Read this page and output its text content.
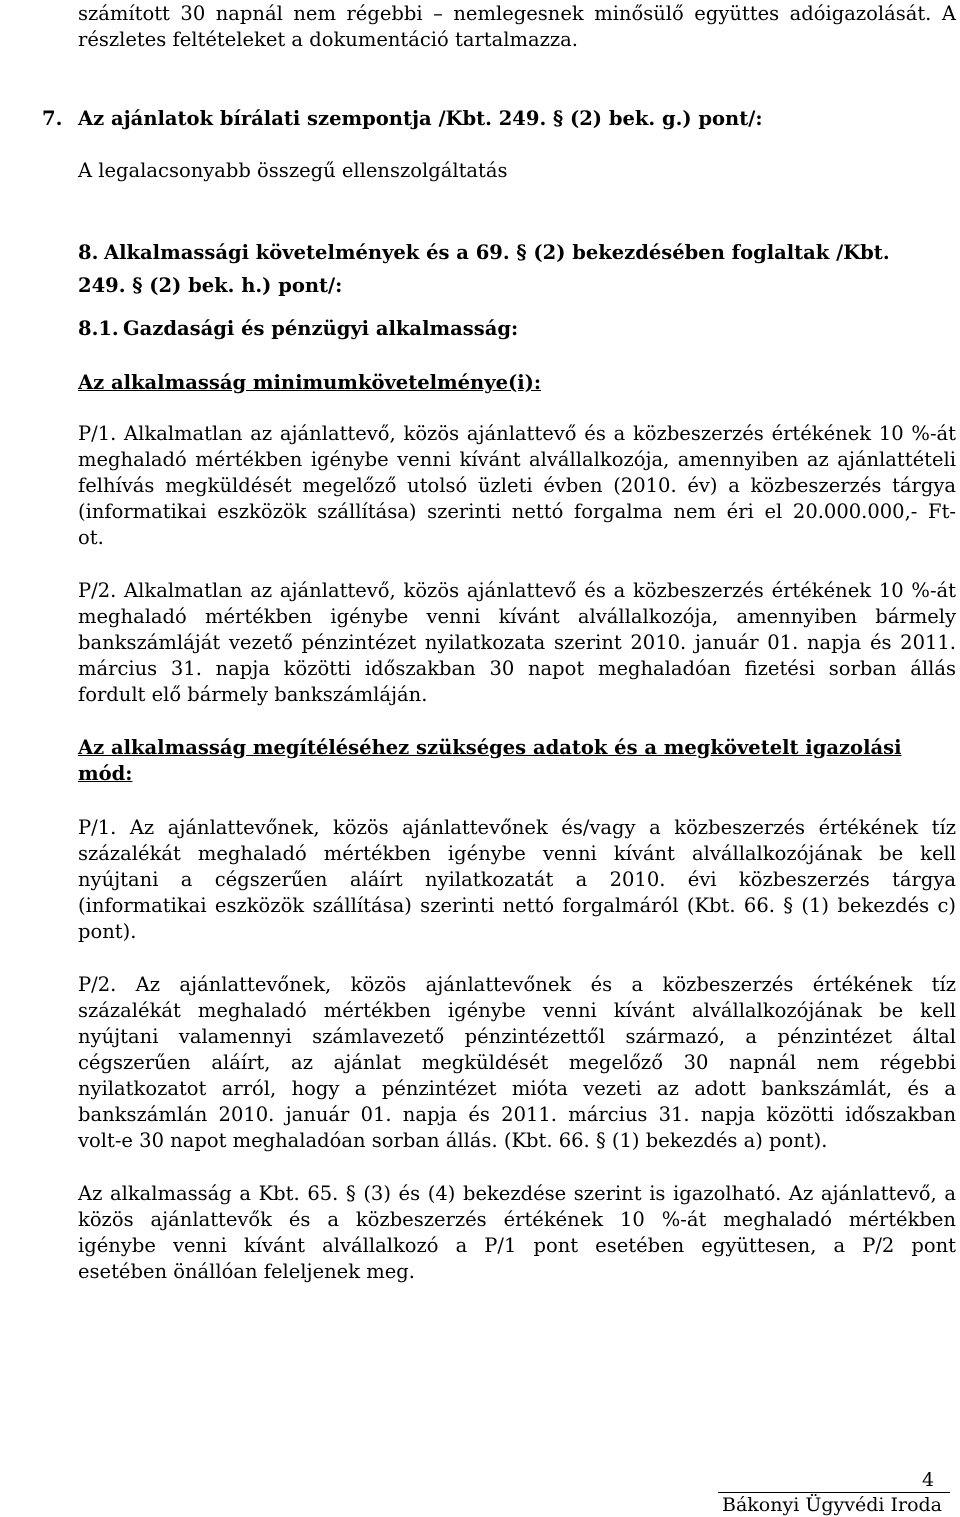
számított 30 napnál nem régebbi – nemlegesnek minősülő együttes adóigazolását. A
részletes feltételeket a dokumentáció tartalmazza.
7. Az ajánlatok bírálati szempontja /Kbt. 249. § (2) bek. g.) pont/:
A legalacsonyabb összegű ellenszolgáltatás
8. Alkalmassági követelmények és a 69. § (2) bekezdésében foglaltak /Kbt.
249. § (2) bek. h.) pont/:
8.1. Gazdasági és pénzügyi alkalmasság:
Az alkalmasság minimumkövetelménye(i):
P/1. Alkalmatlan az ajánlattevő, közös ajánlattevő és a közbeszerzés értékének 10 %-át
meghaladó mértékben igénybe venni kívánt alvállalkozója, amennyiben az ajánlattételi
felhívás megküldését megelőző utolsó üzleti évben (2010. év) a közbeszerzés tárgya
(informatikai eszközök szállítása) szerinti nettó forgalma nem éri el 20.000.000,- Ft-
ot.
P/2. Alkalmatlan az ajánlattevő, közös ajánlattevő és a közbeszerzés értékének 10 %-át
meghaladó mértékben igénybe venni kívánt alvállalkozója, amennyiben bármely
bankszámláját vezető pénzintézet nyilatkozata szerint 2010. január 01. napja és 2011.
március 31. napja közötti időszakban 30 napot meghaladóan fizetési sorban állás
fordult elő bármely bankszámláján.
Az alkalmasság megítéléséhez szükséges adatok és a megkövetelt igazolási
mód:
P/1. Az ajánlattevőnek, közös ajánlattevőnek és/vagy a közbeszerzés értékének tíz
százalékát meghaladó mértékben igénybe venni kívánt alvállalkozójának be kell
nyújtani a cégszerűen aláírt nyilatkozatát a 2010. évi közbeszerzés tárgya
(informatikai eszközök szállítása) szerinti nettó forgalmáról (Kbt. 66. § (1) bekezdés c)
pont).
P/2. Az ajánlattevőnek, közös ajánlattevőnek és a közbeszerzés értékének tíz
százalékát meghaladó mértékben igénybe venni kívánt alvállalkozójának be kell
nyújtani valamennyi számlavezető pénzintézettől származó, a pénzintézet által
cégszerűen aláírt, az ajánlat megküldését megelőző 30 napnál nem régebbi
nyilatkozatot arról, hogy a pénzintézet mióta vezeti az adott bankszámlát, és a
bankszámlán 2010. január 01. napja és 2011. március 31. napja közötti időszakban
volt-e 30 napot meghaladóan sorban állás. (Kbt. 66. § (1) bekezdés a) pont).
Az alkalmasság a Kbt. 65. § (3) és (4) bekezdése szerint is igazolható. Az ajánlattevő, a
közös ajánlattevők és a közbeszerzés értékének 10 %-át meghaladó mértékben
igénybe venni kívánt alvállalkozó a P/1 pont esetében együttesen, a P/2 pont
esetében önállóan feleljenek meg.
4
Bákonyi Ügyvédi Iroda
